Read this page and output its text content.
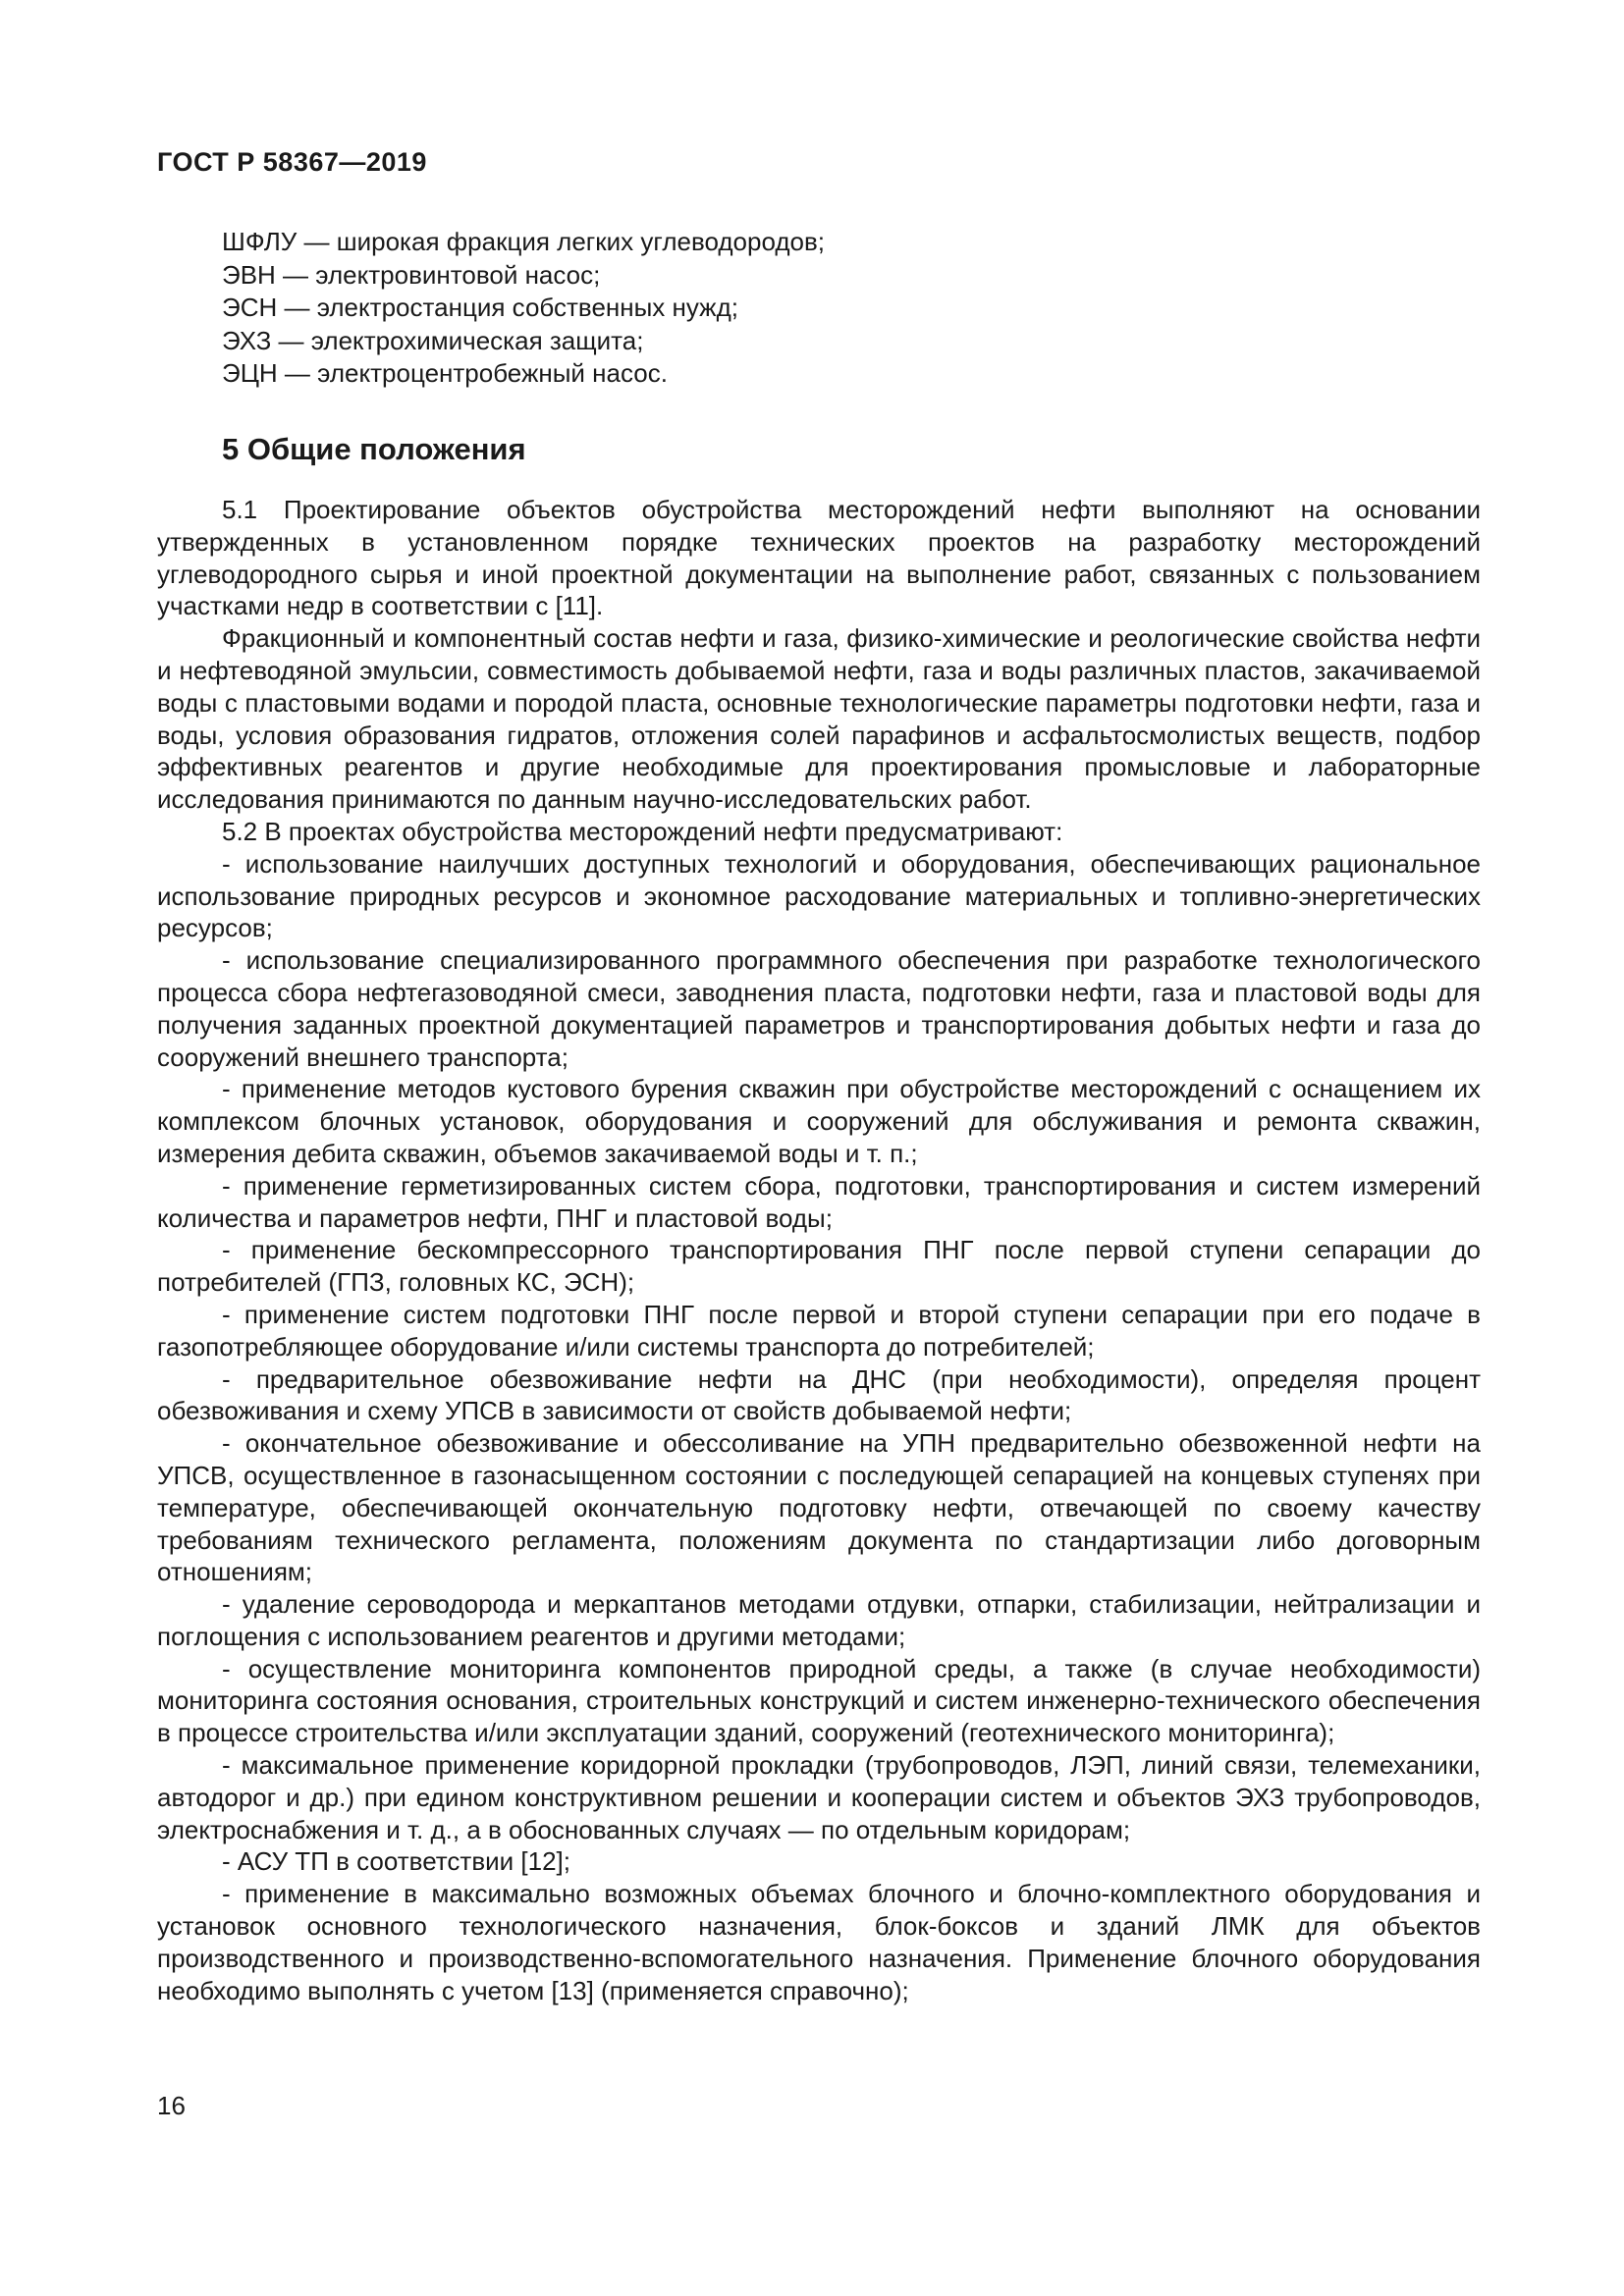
ГОСТ Р 58367—2019
ШФЛУ — широкая фракция легких углеводородов;
ЭВН — электровинтовой насос;
ЭСН — электростанция собственных нужд;
ЭХЗ — электрохимическая защита;
ЭЦН — электроцентробежный насос.
5 Общие положения

5.1 Проектирование объектов обустройства месторождений нефти выполняют на основании утвержденных в установленном порядке технических проектов на разработку месторождений углеводородного сырья и иной проектной документации на выполнение работ, связанных с пользованием участками недр в соответствии с [11].

Фракционный и компонентный состав нефти и газа, физико-химические и реологические свойства нефти и нефтеводяной эмульсии, совместимость добываемой нефти, газа и воды различных пластов, закачиваемой воды с пластовыми водами и породой пласта, основные технологические параметры подготовки нефти, газа и воды, условия образования гидратов, отложения солей парафинов и асфальтосмолистых веществ, подбор эффективных реагентов и другие необходимые для проектирования промысловые и лабораторные исследования принимаются по данным научно-исследовательских работ.

5.2 В проектах обустройства месторождений нефти предусматривают:

- использование наилучших доступных технологий и оборудования, обеспечивающих рациональное использование природных ресурсов и экономное расходование материальных и топливно-энергетических ресурсов;

- использование специализированного программного обеспечения при разработке технологического процесса сбора нефтегазоводяной смеси, заводнения пласта, подготовки нефти, газа и пластовой воды для получения заданных проектной документацией параметров и транспортирования добытых нефти и газа до сооружений внешнего транспорта;

- применение методов кустового бурения скважин при обустройстве месторождений с оснащением их комплексом блочных установок, оборудования и сооружений для обслуживания и ремонта скважин, измерения дебита скважин, объемов закачиваемой воды и т. п.;

- применение герметизированных систем сбора, подготовки, транспортирования и систем измерений количества и параметров нефти, ПНГ и пластовой воды;

- применение бескомпрессорного транспортирования ПНГ после первой ступени сепарации до потребителей (ГПЗ, головных КС, ЭСН);

- применение систем подготовки ПНГ после первой и второй ступени сепарации при его подаче в газопотребляющее оборудование и/или системы транспорта до потребителей;

- предварительное обезвоживание нефти на ДНС (при необходимости), определяя процент обезвоживания и схему УПСВ в зависимости от свойств добываемой нефти;

- окончательное обезвоживание и обессоливание на УПН предварительно обезвоженной нефти на УПСВ, осуществленное в газонасыщенном состоянии с последующей сепарацией на концевых ступенях при температуре, обеспечивающей окончательную подготовку нефти, отвечающей по своему качеству требованиям технического регламента, положениям документа по стандартизации либо договорным отношениям;

- удаление сероводорода и меркаптанов методами отдувки, отпарки, стабилизации, нейтрализации и поглощения с использованием реагентов и другими методами;

- осуществление мониторинга компонентов природной среды, а также (в случае необходимости) мониторинга состояния основания, строительных конструкций и систем инженерно-технического обеспечения в процессе строительства и/или эксплуатации зданий, сооружений (геотехнического мониторинга);

- максимальное применение коридорной прокладки (трубопроводов, ЛЭП, линий связи, телемеханики, автодорог и др.) при едином конструктивном решении и кооперации систем и объектов ЭХЗ трубопроводов, электроснабжения и т. д., а в обоснованных случаях — по отдельным коридорам;

- АСУ ТП в соответствии [12];

- применение в максимально возможных объемах блочного и блочно-комплектного оборудования и установок основного технологического назначения, блок-боксов и зданий ЛМК для объектов производственного и производственно-вспомогательного назначения. Применение блочного оборудования необходимо выполнять с учетом [13] (применяется справочно);

16
